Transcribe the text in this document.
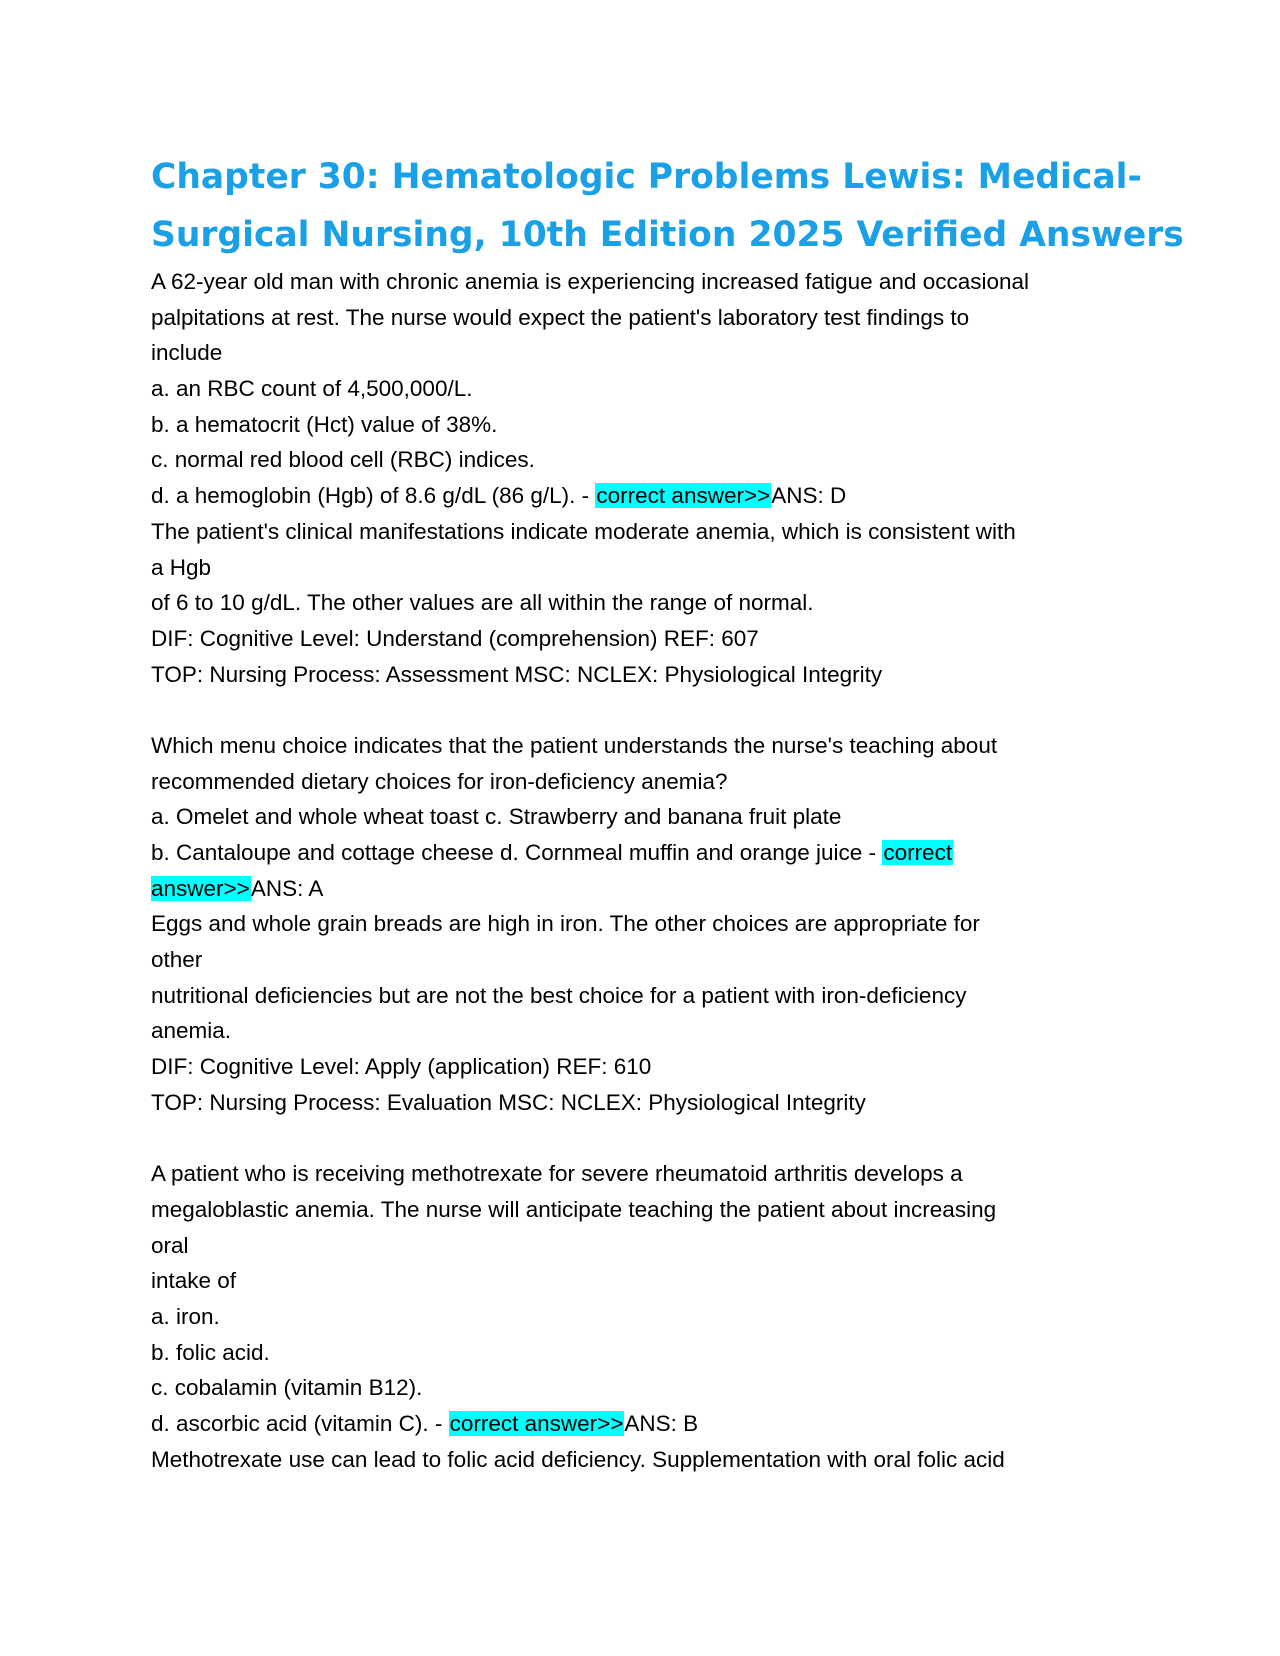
Chapter 30: Hematologic Problems Lewis: Medical-
Surgical Nursing, 10th Edition 2025 Verified Answers
A 62-year old man with chronic anemia is experiencing increased fatigue and occasional
palpitations at rest. The nurse would expect the patient's laboratory test findings to
include
a. an RBC count of 4,500,000/L.
b. a hematocrit (Hct) value of 38%.
c. normal red blood cell (RBC) indices.
d. a hemoglobin (Hgb) of 8.6 g/dL (86 g/L). - correct answer>>ANS: D
The patient's clinical manifestations indicate moderate anemia, which is consistent with
a Hgb
of 6 to 10 g/dL. The other values are all within the range of normal.
DIF: Cognitive Level: Understand (comprehension) REF: 607
TOP: Nursing Process: Assessment MSC: NCLEX: Physiological Integrity
Which menu choice indicates that the patient understands the nurse's teaching about
recommended dietary choices for iron-deficiency anemia?
a. Omelet and whole wheat toast c. Strawberry and banana fruit plate
b. Cantaloupe and cottage cheese d. Cornmeal muffin and orange juice - correct
answer>>ANS: A
Eggs and whole grain breads are high in iron. The other choices are appropriate for
other
nutritional deficiencies but are not the best choice for a patient with iron-deficiency
anemia.
DIF: Cognitive Level: Apply (application) REF: 610
TOP: Nursing Process: Evaluation MSC: NCLEX: Physiological Integrity
A patient who is receiving methotrexate for severe rheumatoid arthritis develops a
megaloblastic anemia. The nurse will anticipate teaching the patient about increasing
oral
intake of
a. iron.
b. folic acid.
c. cobalamin (vitamin B12).
d. ascorbic acid (vitamin C). - correct answer>>ANS: B
Methotrexate use can lead to folic acid deficiency. Supplementation with oral folic acid
